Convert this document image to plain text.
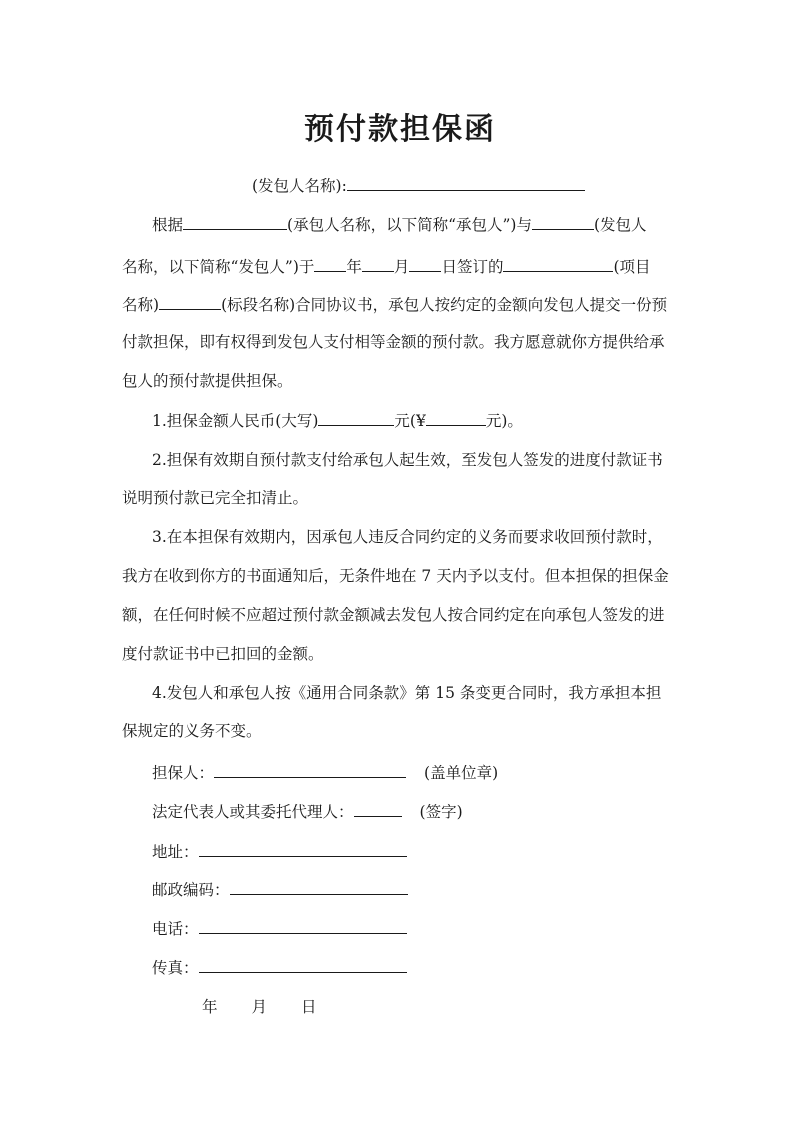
预付款担保函
(发包人名称):
根据	(承包人名称，以下简称“承包人”)与	(发包人
名称，以下简称“发包人”)于 年 月 日签订的	(项目
名称)	(标段名称)合同协议书，承包人按约定的金额向发包人提交一份预
付款担保，即有权得到发包人支付相等金额的预付款。我方愿意就你方提供给承
包人的预付款提供担保。
1.担保金额人民币(大写)	元(¥	元)。
2.担保有效期自预付款支付给承包人起生效，至发包人签发的进度付款证书
说明预付款已完全扣清止。
3.在本担保有效期内，因承包人违反合同约定的义务而要求收回预付款时，
我方在收到你方的书面通知后，无条件地在 7 天内予以支付。但本担保的担保金
额，在任何时候不应超过预付款金额减去发包人按合同约定在向承包人签发的进
度付款证书中已扣回的金额。
4.发包人和承包人按《通用合同条款》第 15 条变更合同时，我方承担本担
保规定的义务不变。
担保人：	(盖单位章)
法定代表人或其委托代理人：	(签字)
地址：
邮政编码：
电话：
传真：
年 月 日
